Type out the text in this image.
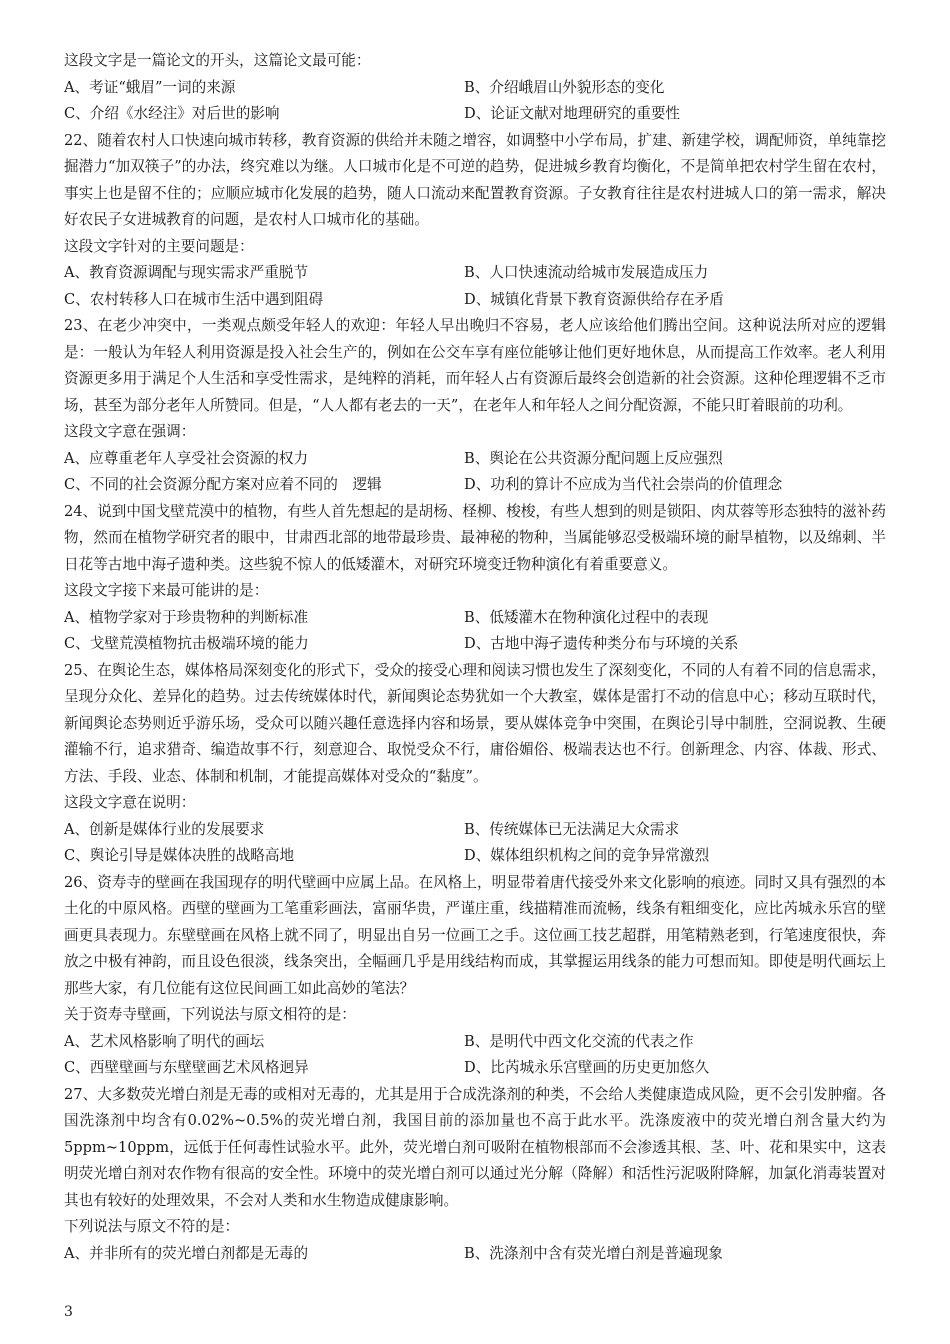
这段文字是一篇论文的开头，这篇论文最可能：
A、考证“蛾眉”一词的来源	B、介绍峨眉山外貌形态的变化
C、介绍《水经注》对后世的影响	D、论证文献对地理研究的重要性
22、随着农村人口快速向城市转移，教育资源的供给并未随之增容，如调整中小学布局，扩建、新建学校，调配师资，单纯靠挖掘潜力“加双筷子”的办法，终究难以为继。人口城市化是不可逆的趋势，促进城乡教育均衡化，不是简单把农村学生留在农村，事实上也是留不住的；应顺应城市化发展的趋势，随人口流动来配置教育资源。子女教育往往是农村进城人口的第一需求，解决好农民子女进城教育的问题，是农村人口城市化的基础。
这段文字针对的主要问题是：
A、教育资源调配与现实需求严重脱节	B、人口快速流动给城市发展造成压力
C、农村转移人口在城市生活中遇到阻碍	D、城镇化背景下教育资源供给存在矛盾
23、在老少冲突中，一类观点颇受年轻人的欢迎：年轻人早出晚归不容易，老人应该给他们腾出空间。这种说法所对应的逻辑是：一般认为年轻人利用资源是投入社会生产的，例如在公交车享有座位能够让他们更好地休息，从而提高工作效率。老人利用资源更多用于满足个人生活和享受性需求，是纯粹的消耗，而年轻人占有资源后最终会创造新的社会资源。这种伦理逻辑不乏市场，甚至为部分老年人所赞同。但是，“人人都有老去的一天”，在老年人和年轻人之间分配资源，不能只盯着眼前的功利。
这段文字意在强调：
A、应尊重老年人享受社会资源的权力	B、舆论在公共资源分配问题上反应强烈
C、不同的社会资源分配方案对应着不同的　逻辑	D、功利的算计不应成为当代社会崇尚的价值理念
24、说到中国戈壁荒漠中的植物，有些人首先想起的是胡杨、柽柳、梭梭，有些人想到的则是锁阳、肉苁蓉等形态独特的滋补药物，然而在植物学研究者的眼中，甘肃西北部的地带最珍贵、最神秘的物种，当属能够忍受极端环境的耐旱植物，以及绵刺、半日花等古地中海孑遗种类。这些貌不惊人的低矮灌木，对研究环境变迁物种演化有着重要意义。
这段文字接下来最可能讲的是：
A、植物学家对于珍贵物种的判断标准	B、低矮灌木在物种演化过程中的表现
C、戈壁荒漠植物抗击极端环境的能力	D、古地中海孑遗传种类分布与环境的关系
25、在舆论生态，媒体格局深刻变化的形式下，受众的接受心理和阅读习惯也发生了深刻变化，不同的人有着不同的信息需求，呈现分众化、差异化的趋势。过去传统媒体时代，新闻舆论态势犹如一个大教室，媒体是雷打不动的信息中心；移动互联时代，新闻舆论态势则近乎游乐场，受众可以随兴趣任意选择内容和场景，要从媒体竞争中突围，在舆论引导中制胜，空洞说教、生硬灌输不行，追求猎奇、编造故事不行，刻意迎合、取悦受众不行，庸俗媚俗、极端表达也不行。创新理念、内容、体裁、形式、方法、手段、业态、体制和机制，才能提高媒体对受众的“黏度”。
这段文字意在说明：
A、创新是媒体行业的发展要求	B、传统媒体已无法满足大众需求
C、舆论引导是媒体决胜的战略高地	D、媒体组织机构之间的竞争异常激烈
26、资寿寺的壁画在我国现存的明代壁画中应属上品。在风格上，明显带着唐代接受外来文化影响的痕迹。同时又具有强烈的本土化的中原风格。西壁的壁画为工笔重彩画法，富丽华贵，严谨庄重，线描精准而流畅，线条有粗细变化，应比芮城永乐宫的壁画更具表现力。东壁壁画在风格上就不同了，明显出自另一位画工之手。这位画工技艺超群，用笔精熟老到，行笔速度很快，奔放之中极有神韵，而且设色很淡，线条突出，全幅画几乎是用线结构而成，其掌握运用线条的能力可想而知。即使是明代画坛上那些大家，有几位能有这位民间画工如此高妙的笔法？
关于资寿寺壁画，下列说法与原文相符的是：
A、艺术风格影响了明代的画坛	B、是明代中西文化交流的代表之作
C、西壁壁画与东壁壁画艺术风格迥异	D、比芮城永乐宫壁画的历史更加悠久
27、大多数荧光增白剂是无毒的或相对无毒的，尤其是用于合成洗涤剂的种类，不会给人类健康造成风险，更不会引发肿瘤。各国洗涤剂中均含有0.02%~0.5%的荧光增白剂，我国目前的添加量也不高于此水平。洗涤废液中的荧光增白剂含量大约为5ppm~10ppm，远低于任何毒性试验水平。此外，荧光增白剂可吸附在植物根部而不会渗透其根、茎、叶、花和果实中，这表明荧光增白剂对农作物有很高的安全性。环境中的荧光增白剂可以通过光分解（降解）和活性污泥吸附降解，加氯化消毒装置对其也有较好的处理效果，不会对人类和水生物造成健康影响。
下列说法与原文不符的是：
A、并非所有的荧光增白剂都是无毒的	B、洗涤剂中含有荧光增白剂是普遍现象
3
